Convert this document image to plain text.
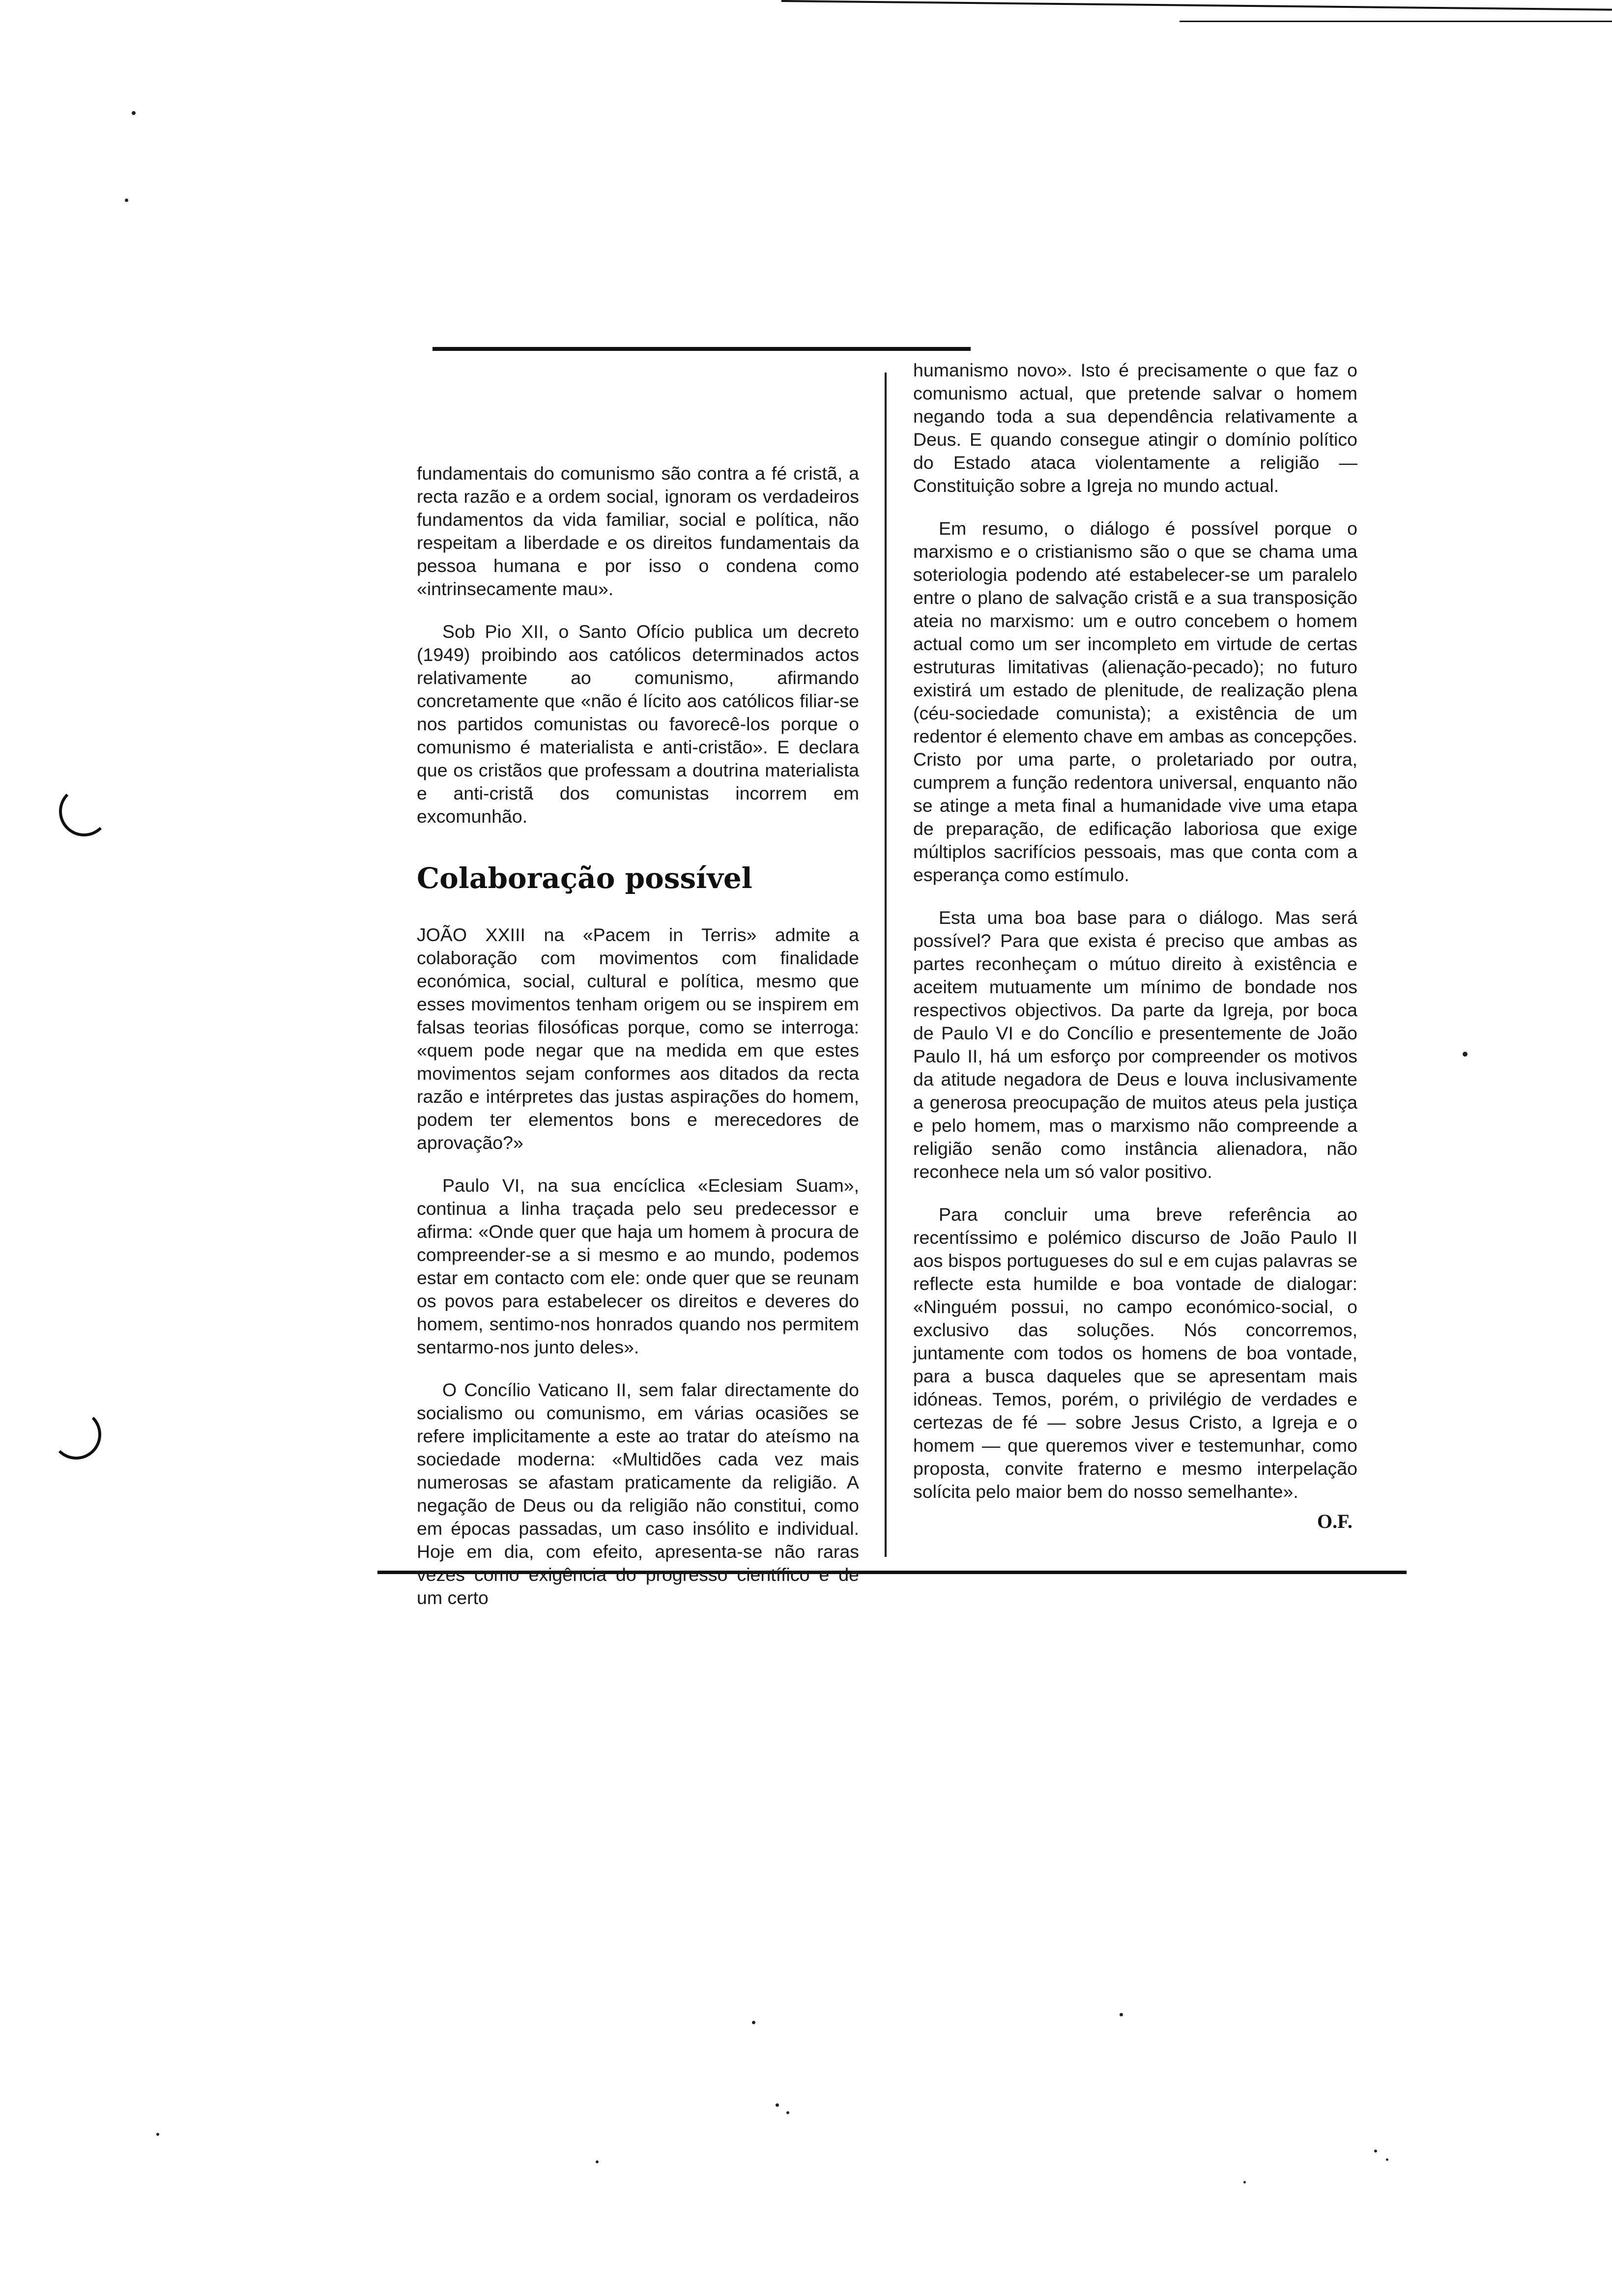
fundamentais do comunismo são contra a fé cristã, a recta razão e a ordem social, ignoram os verdadeiros fundamentos da vida familiar, social e política, não respeitam a liberdade e os direitos fundamentais da pessoa humana e por isso o condena como «intrinsecamente mau».

Sob Pio XII, o Santo Ofício publica um decreto (1949) proibindo aos católicos determinados actos relativamente ao comunismo, afirmando concretamente que «não é lícito aos católicos filiar-se nos partidos comunistas ou favorecê-los porque o comunismo é materialista e anti-cristão». E declara que os cristãos que professam a doutrina materialista e anti-cristã dos comunistas incorrem em excomunhão.

Colaboração possível

JOÃO XXIII na «Pacem in Terris» admite a colaboração com movimentos com finalidade económica, social, cultural e política, mesmo que esses movimentos tenham origem ou se inspirem em falsas teorias filosóficas porque, como se interroga: «quem pode negar que na medida em que estes movimentos sejam conformes aos ditados da recta razão e intérpretes das justas aspirações do homem, podem ter elementos bons e merecedores de aprovação?»

Paulo VI, na sua encíclica «Eclesiam Suam», continua a linha traçada pelo seu predecessor e afirma: «Onde quer que haja um homem à procura de compreender-se a si mesmo e ao mundo, podemos estar em contacto com ele: onde quer que se reunam os povos para estabelecer os direitos e deveres do homem, sentimo-nos honrados quando nos permitem sentarmo-nos junto deles».

O Concílio Vaticano II, sem falar directamente do socialismo ou comunismo, em várias ocasiões se refere implicitamente a este ao tratar do ateísmo na sociedade moderna: «Multidões cada vez mais numerosas se afastam praticamente da religião. A negação de Deus ou da religião não constitui, como em épocas passadas, um caso insólito e individual. Hoje em dia, com efeito, apresenta-se não raras vezes como exigência do progresso científico e de um certo

humanismo novo». Isto é precisamente o que faz o comunismo actual, que pretende salvar o homem negando toda a sua dependência relativamente a Deus. E quando consegue atingir o domínio político do Estado ataca violentamente a religião — Constituição sobre a Igreja no mundo actual.

Em resumo, o diálogo é possível porque o marxismo e o cristianismo são o que se chama uma soteriologia podendo até estabelecer-se um paralelo entre o plano de salvação cristã e a sua transposição ateia no marxismo: um e outro concebem o homem actual como um ser incompleto em virtude de certas estruturas limitativas (alienação-pecado); no futuro existirá um estado de plenitude, de realização plena (céu-sociedade comunista); a existência de um redentor é elemento chave em ambas as concepções. Cristo por uma parte, o proletariado por outra, cumprem a função redentora universal, enquanto não se atinge a meta final a humanidade vive uma etapa de preparação, de edificação laboriosa que exige múltiplos sacrifícios pessoais, mas que conta com a esperança como estímulo.

Esta uma boa base para o diálogo. Mas será possível? Para que exista é preciso que ambas as partes reconheçam o mútuo direito à existência e aceitem mutuamente um mínimo de bondade nos respectivos objectivos. Da parte da Igreja, por boca de Paulo VI e do Concílio e presentemente de João Paulo II, há um esforço por compreender os motivos da atitude negadora de Deus e louva inclusivamente a generosa preocupação de muitos ateus pela justiça e pelo homem, mas o marxismo não compreende a religião senão como instância alienadora, não reconhece nela um só valor positivo.

Para concluir uma breve referência ao recentíssimo e polémico discurso de João Paulo II aos bispos portugueses do sul e em cujas palavras se reflecte esta humilde e boa vontade de dialogar: «Ninguém possui, no campo económico-social, o exclusivo das soluções. Nós concorremos, juntamente com todos os homens de boa vontade, para a busca daqueles que se apresentam mais idóneas. Temos, porém, o privilégio de verdades e certezas de fé — sobre Jesus Cristo, a Igreja e o homem — que queremos viver e testemunhar, como proposta, convite fraterno e mesmo interpelação solícita pelo maior bem do nosso semelhante».

O.F.
